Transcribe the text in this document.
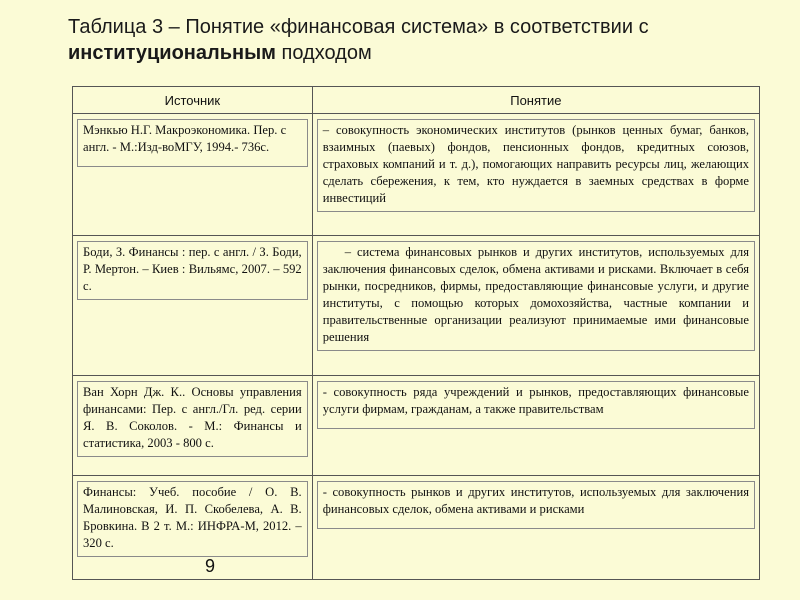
Таблица 3 – Понятие «финансовая система» в соответствии с
институциональным подходом
Источник	Понятие

Мэнкью Н.Г. Макроэкономика. Пер. с англ. - М.:Изд-воМГУ, 1994.- 736с.	– совокупность экономических институтов (рынков ценных бумаг, банков, взаимных (паевых) фондов, пенсионных фондов, кредитных союзов, страховых компаний и т. д.), помогающих направить ресурсы лиц, желающих сделать сбережения, к тем, кто нуждается в заемных средствах в форме инвестиций

Боди, З. Финансы : пер. с англ. / З. Боди, Р. Мертон. – Киев : Вильямс, 2007. – 592 с.	– система финансовых рынков и других институтов, используемых для заключения финансовых сделок, обмена активами и рисками. Включает в себя рынки, посредников, фирмы, предоставляющие финансовые услуги, и другие институты, с помощью которых домохозяйства, частные компании и правительственные организации реализуют принимаемые ими финансовые решения

Ван Хорн Дж. К.. Основы управления финансами: Пер. с англ./Гл. ред. серии Я. В. Соколов. - М.: Финансы и статистика, 2003 - 800 с.	- совокупность ряда учреждений и рынков, предоставляющих финансовые услуги фирмам, гражданам, а также правительствам

Финансы: Учеб. пособие / О. В. Малиновская, И. П. Скобелева, А. В. Бровкина. В 2 т. М.: ИНФРА-М, 2012. – 320 с.	- совокупность рынков и других институтов, используемых для заключения финансовых сделок, обмена активами и рисками
9
